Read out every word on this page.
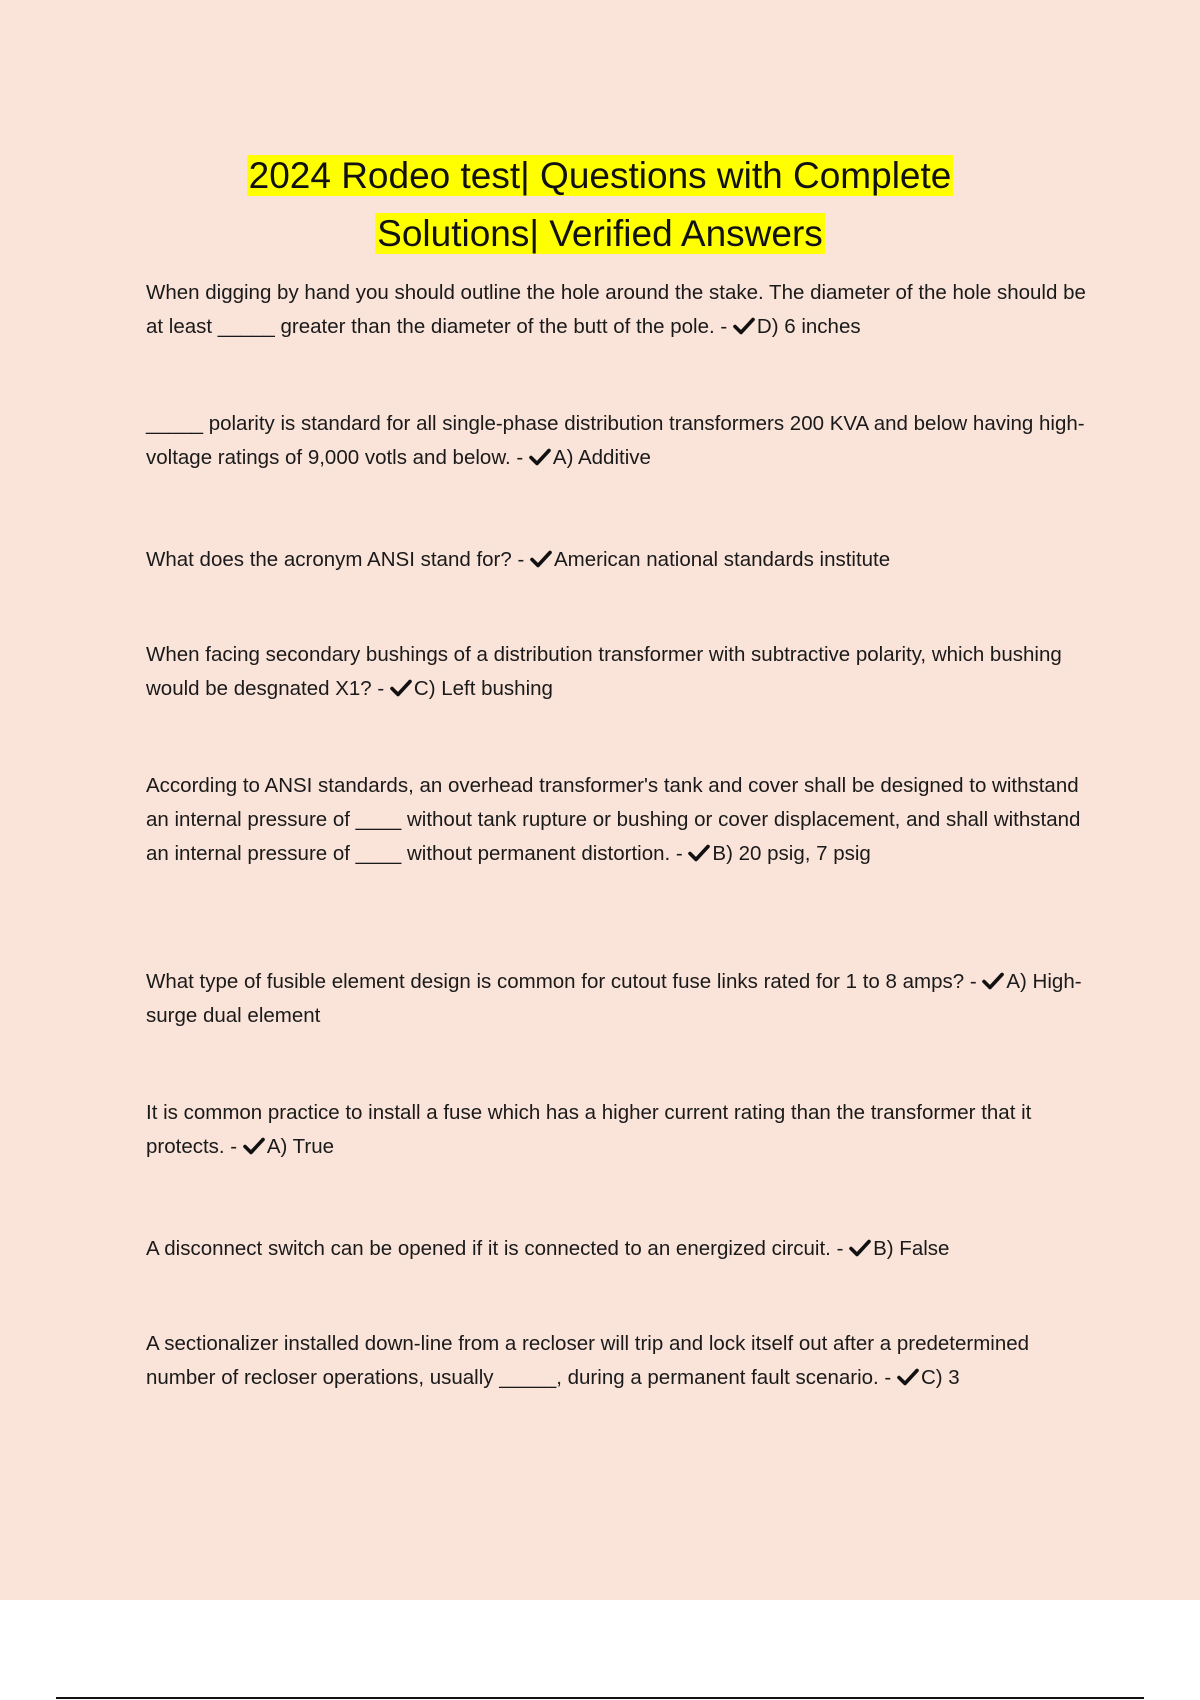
2024 Rodeo test| Questions with Complete
Solutions| Verified Answers
When digging by hand you should outline the hole around the stake. The diameter of the hole should be at least _____ greater than the diameter of the butt of the pole. -
D) 6 inches
_____ polarity is standard for all single-phase distribution transformers 200 KVA and below having high-voltage ratings of 9,000 votls and below. -
A) Additive
What does the acronym ANSI stand for? -
American national standards institute
When facing secondary bushings of a distribution transformer with subtractive polarity, which bushing would be desgnated X1? -
C) Left bushing
According to ANSI standards, an overhead transformer's tank and cover shall be designed to withstand an internal pressure of ____ without tank rupture or bushing or cover displacement, and shall withstand an internal pressure of ____ without permanent distortion. -
B) 20 psig, 7 psig
What type of fusible element design is common for cutout fuse links rated for 1 to 8 amps? -
A) High-surge dual element
It is common practice to install a fuse which has a higher current rating than the transformer that it protects. -
A) True
A disconnect switch can be opened if it is connected to an energized circuit. -
B) False
A sectionalizer installed down-line from a recloser will trip and lock itself out after a predetermined number of recloser operations, usually _____, during a permanent fault scenario. -
C) 3
